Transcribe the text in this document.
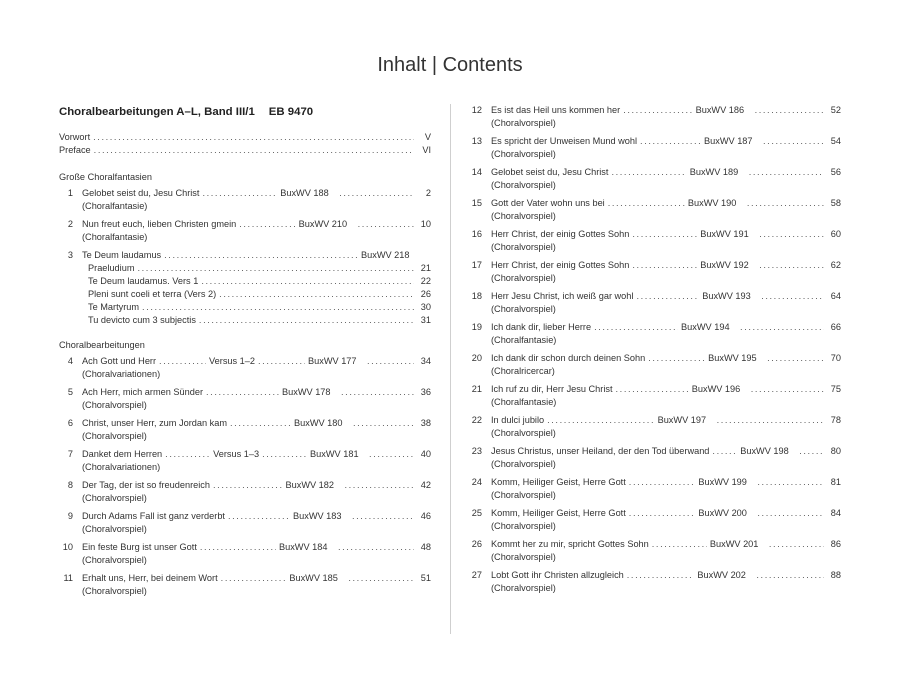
Inhalt | Contents
Choralbearbeitungen A–L, Band III/1 EB 9470
Vorwort .....	V
Preface .....	VI
Große Choralfantasien
1 Gelobet seist du, Jesu Christ .....	BuxWV 188 .....	2
(Choralfantasie)
2 Nun freut euch, lieben Christen gmein .....	BuxWV 210 .....	10
(Choralfantasie)
3 Te Deum laudamus .....	BuxWV 218
Praeludium .....	21
Te Deum laudamus. Vers 1 .....	22
Pleni sunt coeli et terra (Vers 2) .....	26
Te Martyrum .....	30
Tu devicto cum 3 subjectis .....	31
Choralbearbeitungen
4 Ach Gott und Herr .....	Versus 1–2 .....	BuxWV 177 .....	34
(Choralvariationen)
5 Ach Herr, mich armen Sünder .....	BuxWV 178 .....	36
(Choralvorspiel)
6 Christ, unser Herr, zum Jordan kam .....	BuxWV 180 .....	38
(Choralvorspiel)
7 Danket dem Herren .....	Versus 1–3 .....	BuxWV 181 .....	40
(Choralvariationen)
8 Der Tag, der ist so freudenreich .....	BuxWV 182 .....	42
(Choralvorspiel)
9 Durch Adams Fall ist ganz verderbt .....	BuxWV 183 .....	46
(Choralvorspiel)
10 Ein feste Burg ist unser Gott .....	BuxWV 184 .....	48
(Choralvorspiel)
11 Erhalt uns, Herr, bei deinem Wort .....	BuxWV 185 .....	51
(Choralvorspiel)
12 Es ist das Heil uns kommen her .....	BuxWV 186 .....	52
(Choralvorspiel)
13 Es spricht der Unweisen Mund wohl .....	BuxWV 187 .....	54
(Choralvorspiel)
14 Gelobet seist du, Jesu Christ .....	BuxWV 189 .....	56
(Choralvorspiel)
15 Gott der Vater wohn uns bei .....	BuxWV 190 .....	58
(Choralvorspiel)
16 Herr Christ, der einig Gottes Sohn .....	BuxWV 191 .....	60
(Choralvorspiel)
17 Herr Christ, der einig Gottes Sohn .....	BuxWV 192 .....	62
(Choralvorspiel)
18 Herr Jesu Christ, ich weiß gar wohl .....	BuxWV 193 .....	64
(Choralvorspiel)
19 Ich dank dir, lieber Herre .....	BuxWV 194 .....	66
(Choralfantasie)
20 Ich dank dir schon durch deinen Sohn .....	BuxWV 195 .....	70
(Choralricercar)
21 Ich ruf zu dir, Herr Jesu Christ .....	BuxWV 196 .....	75
(Choralfantasie)
22 In dulci jubilo .....	BuxWV 197 .....	78
(Choralvorspiel)
23 Jesus Christus, unser Heiland, der den Tod überwand .....	BuxWV 198 .....	80
(Choralvorspiel)
24 Komm, Heiliger Geist, Herre Gott .....	BuxWV 199 .....	81
(Choralvorspiel)
25 Komm, Heiliger Geist, Herre Gott .....	BuxWV 200 .....	84
(Choralvorspiel)
26 Kommt her zu mir, spricht Gottes Sohn .....	BuxWV 201 .....	86
(Choralvorspiel)
27 Lobt Gott ihr Christen allzugleich .....	BuxWV 202 .....	88
(Choralvorspiel)
